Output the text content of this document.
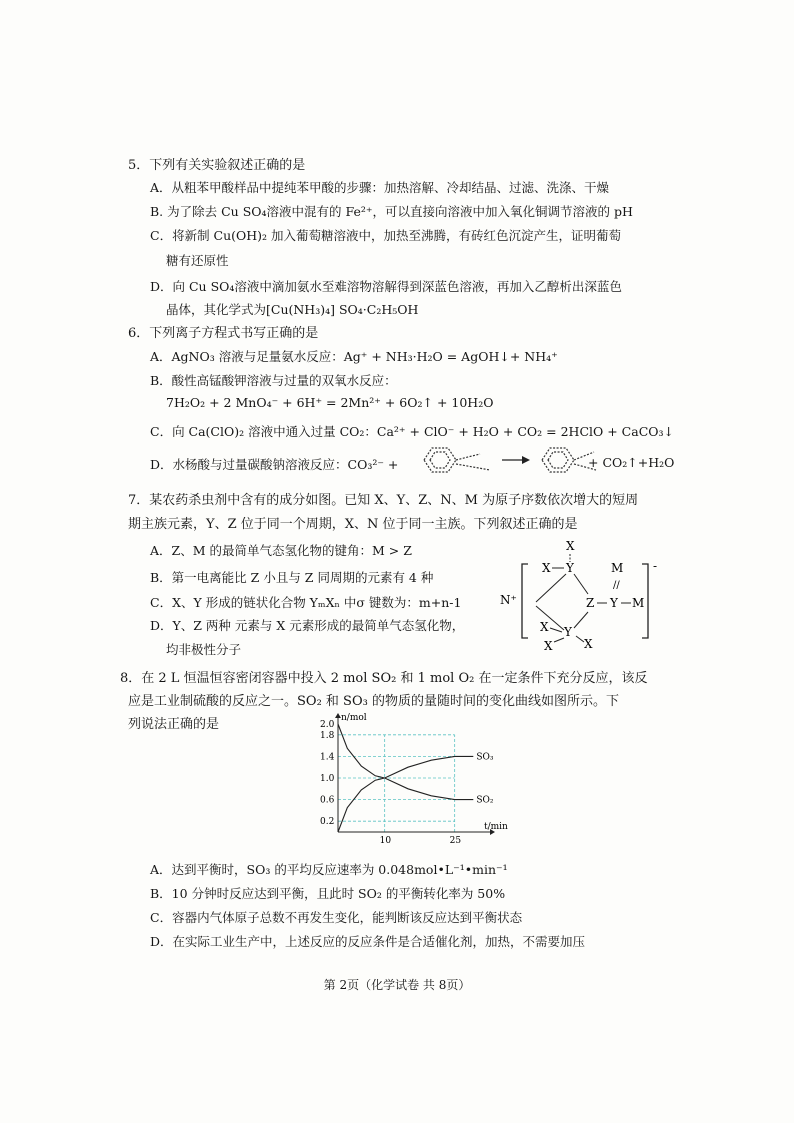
5．下列有关实验叙述正确的是
A．从粗苯甲酸样品中提纯苯甲酸的步骤：加热溶解、冷却结晶、过滤、洗涤、干燥
B. 为了除去 Cu SO₄溶液中混有的 Fe²⁺，可以直接向溶液中加入氧化铜调节溶液的 pH
C．将新制 Cu(OH)₂ 加入葡萄糖溶液中，加热至沸腾，有砖红色沉淀产生，证明葡萄
糖有还原性
D．向 Cu SO₄溶液中滴加氨水至难溶物溶解得到深蓝色溶液，再加入乙醇析出深蓝色
晶体，其化学式为[Cu(NH₃)₄] SO₄·C₂H₅OH
6．下列离子方程式书写正确的是
A．AgNO₃ 溶液与足量氨水反应：Ag⁺ + NH₃·H₂O = AgOH↓+ NH₄⁺
B．酸性高锰酸钾溶液与过量的双氧水反应：
7H₂O₂ + 2 MnO₄⁻ + 6H⁺ = 2Mn²⁺ + 6O₂↑ + 10H₂O
C．向 Ca(ClO)₂ 溶液中通入过量 CO₂：Ca²⁺ + ClO⁻ + H₂O + CO₂ = 2HClO + CaCO₃↓
D．水杨酸与过量碳酸钠溶液反应：CO₃²⁻ +	+ CO₂↑+H₂O
7．某农药杀虫剂中含有的成分如图。已知 X、Y、Z、N、M 为原子序数依次增大的短周
期主族元素，Y、Z 位于同一个周期，X、N 位于同一主族。下列叙述正确的是
A．Z、M 的最简单气态氢化物的键角：M > Z
B．第一电离能比 Z 小且与 Z 同周期的元素有 4 种
C．X、Y 形成的链状化合物 YₘXₙ 中σ 键数为：m+n-1
D．Y、Z 两种 元素与 X 元素形成的最简单气态氢化物，
均非极性分子
N⁺
-
X
X Y
Z Y M
//
M
Y
X
X	X
8．在 2 L 恒温恒容密闭容器中投入 2 mol SO₂ 和 1 mol O₂ 在一定条件下充分反应，该反
应是工业制硫酸的反应之一。SO₂ 和 SO₃ 的物质的量随时间的变化曲线如图所示。下
列说法正确的是	n/mol
t/min
0.2
0.6
1.0
1.4
1.8
2.0
10	25
SO₃
SO₂
A．达到平衡时，SO₃ 的平均反应速率为 0.048mol•L⁻¹•min⁻¹
B．10 分钟时反应达到平衡，且此时 SO₂ 的平衡转化率为 50%
C．容器内气体原子总数不再发生变化，能判断该反应达到平衡状态
D．在实际工业生产中，上述反应的反应条件是合适催化剂，加热，不需要加压
第 2页（化学试卷 共 8页）
